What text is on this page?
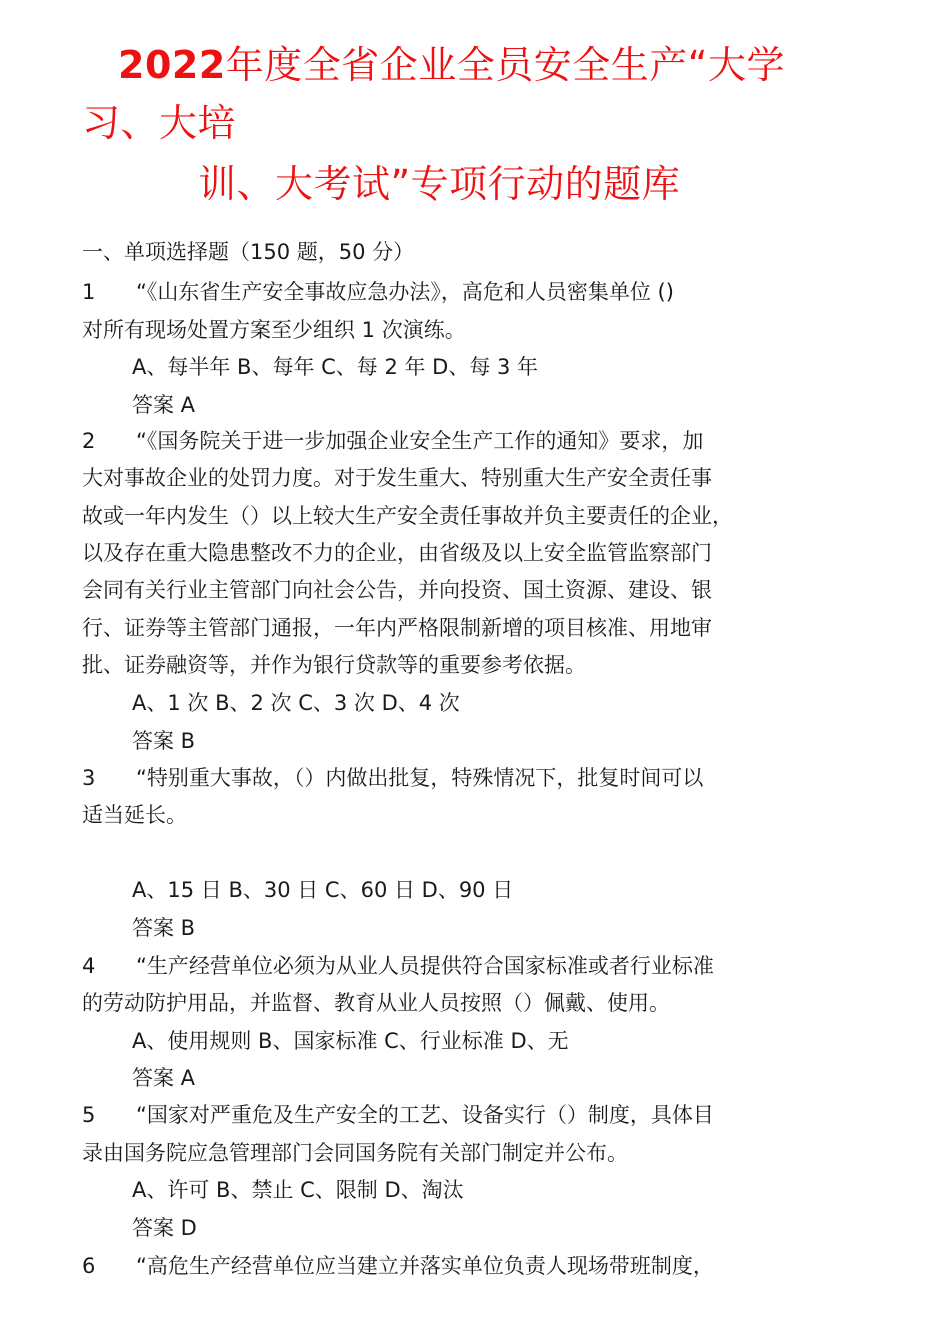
2022年度全省企业全员安全生产“大学
习、大培
训、大考试”专项行动的题库
一、单项选择题（150 题，50 分）
1 “《山东省生产安全事故应急办法》，高危和人员密集单位 ()
对所有现场处置方案至少组织 1 次演练。
A、每半年 B、每年 C、每 2 年 D、每 3 年
答案 A
2 “《国务院关于进一步加强企业安全生产工作的通知》要求，加
大对事故企业的处罚力度。对于发生重大、特别重大生产安全责任事
故或一年内发生（）以上较大生产安全责任事故并负主要责任的企业，
以及存在重大隐患整改不力的企业，由省级及以上安全监管监察部门
会同有关行业主管部门向社会公告，并向投资、国土资源、建设、银
行、证券等主管部门通报，一年内严格限制新增的项目核准、用地审
批、证券融资等，并作为银行贷款等的重要参考依据。
A、1 次 B、2 次 C、3 次 D、4 次
答案 B
3 “特别重大事故，（）内做出批复，特殊情况下，批复时间可以
适当延长。
A、15 日 B、30 日 C、60 日 D、90 日
答案 B
4 “生产经营单位必须为从业人员提供符合国家标准或者行业标准
的劳动防护用品，并监督、教育从业人员按照（）佩戴、使用。
A、使用规则 B、国家标准 C、行业标准 D、无
答案 A
5 “国家对严重危及生产安全的工艺、设备实行（）制度，具体目
录由国务院应急管理部门会同国务院有关部门制定并公布。
A、许可 B、禁止 C、限制 D、淘汰
答案 D
6 “高危生产经营单位应当建立并落实单位负责人现场带班制度，
